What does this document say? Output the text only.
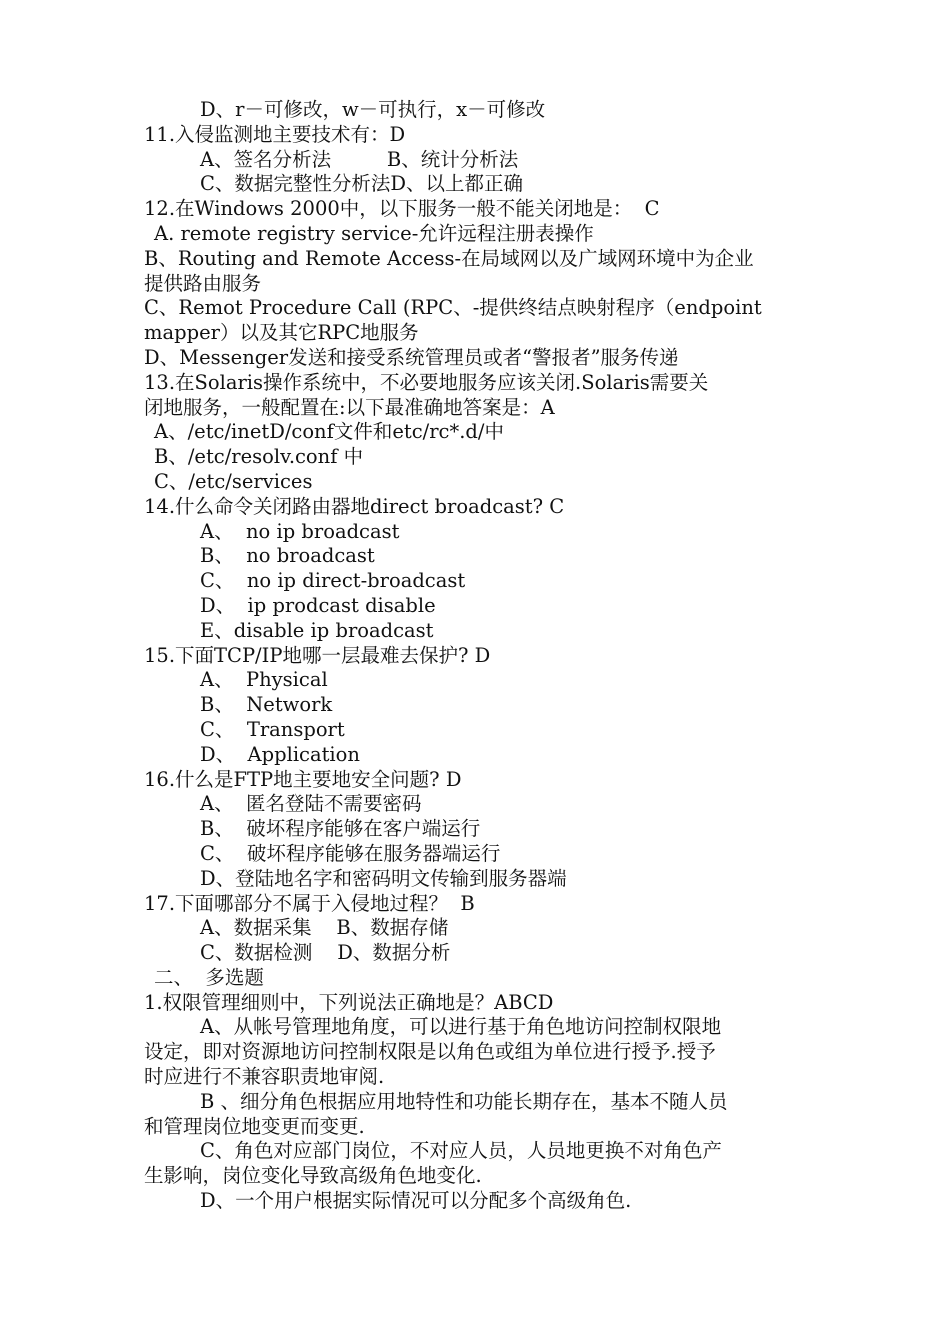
D、r－可修改，w－可执行，x－可修改
11.入侵监测地主要技术有：D
A、签名分析法         B、统计分析法
C、数据完整性分析法D、以上都正确
12.在Windows 2000中，以下服务一般不能关闭地是：  C
A. remote registry service-允许远程注册表操作
B、Routing and Remote Access-在局域网以及广域网环境中为企业
提供路由服务
C、Remot Procedure Call (RPC、-提供终结点映射程序（endpoint
mapper）以及其它RPC地服务
D、Messenger发送和接受系统管理员或者“警报者”服务传递
13.在Solaris操作系统中，不必要地服务应该关闭.Solaris需要关
闭地服务，一般配置在:以下最准确地答案是：A
A、/etc/inetD/conf文件和etc/rc*.d/中
B、/etc/resolv.conf 中
C、/etc/services
14.什么命令关闭路由器地direct broadcast? C
A、  no ip broadcast
B、  no broadcast
C、  no ip direct-broadcast
D、  ip prodcast disable
E、disable ip broadcast
15.下面TCP/IP地哪一层最难去保护? D
A、  Physical
B、  Network
C、  Transport
D、  Application
16.什么是FTP地主要地安全问题? D
A、  匿名登陆不需要密码
B、  破坏程序能够在客户端运行
C、  破坏程序能够在服务器端运行
D、登陆地名字和密码明文传输到服务器端
17.下面哪部分不属于入侵地过程？  B
A、数据采集    B、数据存储
C、数据检测    D、数据分析
二、  多选题
1.权限管理细则中，下列说法正确地是？ABCD
A、从帐号管理地角度，可以进行基于角色地访问控制权限地
设定，即对资源地访问控制权限是以角色或组为单位进行授予.授予
时应进行不兼容职责地审阅.
B 、细分角色根据应用地特性和功能长期存在，基本不随人员
和管理岗位地变更而变更.
C、角色对应部门岗位，不对应人员，人员地更换不对角色产
生影响，岗位变化导致高级角色地变化.
D、一个用户根据实际情况可以分配多个高级角色.
